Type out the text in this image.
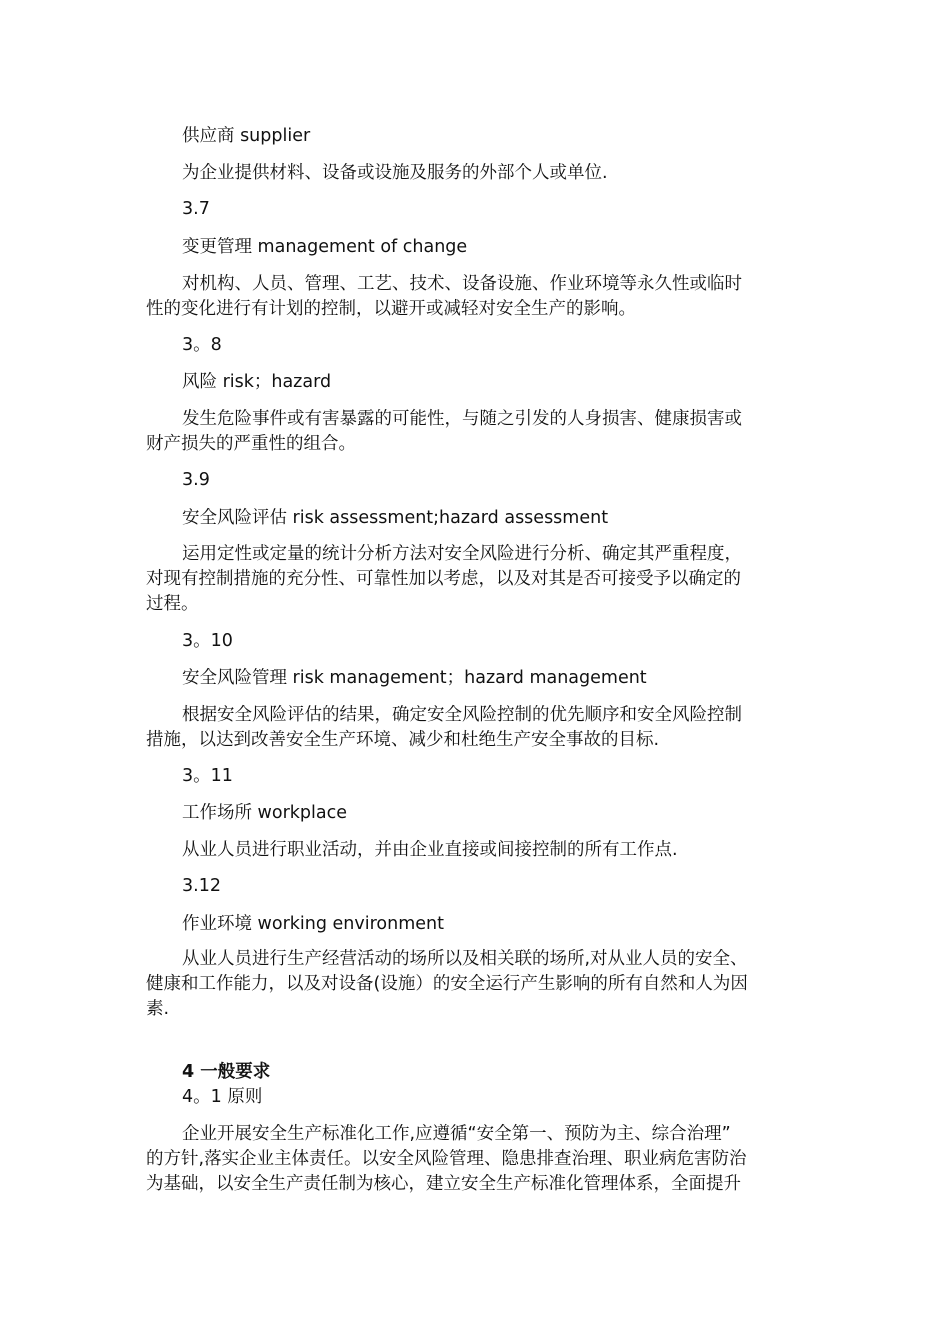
供应商 supplier
为企业提供材料、设备或设施及服务的外部个人或单位.
3.7
变更管理 management of change
对机构、人员、管理、工艺、技术、设备设施、作业环境等永久性或临时
性的变化进行有计划的控制，以避开或减轻对安全生产的影响。
3。8
风险 risk；hazard
发生危险事件或有害暴露的可能性，与随之引发的人身损害、健康损害或
财产损失的严重性的组合。
3.9
安全风险评估 risk assessment;hazard assessment
运用定性或定量的统计分析方法对安全风险进行分析、确定其严重程度，
对现有控制措施的充分性、可靠性加以考虑，以及对其是否可接受予以确定的
过程。
3。10
安全风险管理 risk management；hazard management
根据安全风险评估的结果，确定安全风险控制的优先顺序和安全风险控制
措施，以达到改善安全生产环境、减少和杜绝生产安全事故的目标.
3。11
工作场所 workplace
从业人员进行职业活动，并由企业直接或间接控制的所有工作点.
3.12
作业环境 working environment
从业人员进行生产经营活动的场所以及相关联的场所,对从业人员的安全、
健康和工作能力，以及对设备(设施）的安全运行产生影响的所有自然和人为因
素.
4 一般要求
4。1 原则
企业开展安全生产标准化工作,应遵循“安全第一、预防为主、综合治理”
的方针,落实企业主体责任。以安全风险管理、隐患排查治理、职业病危害防治
为基础，以安全生产责任制为核心，建立安全生产标准化管理体系，全面提升
